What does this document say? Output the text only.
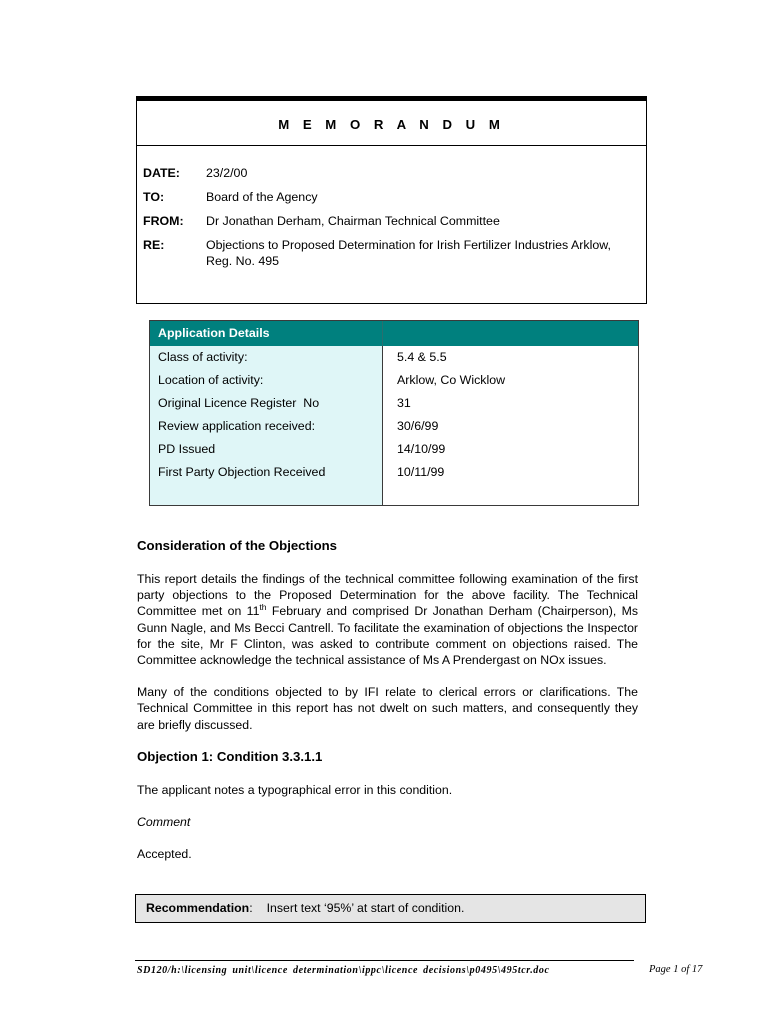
M E M O R A N D U M
DATE:	23/2/00
TO:	Board of the Agency
FROM:	Dr Jonathan Derham, Chairman Technical Committee
RE:	Objections to Proposed Determination for Irish Fertilizer Industries Arklow, Reg. No. 495
Application Details
Class of activity:	5.4 & 5.5
Location of activity:	Arklow, Co Wicklow
Original Licence Register  No	31
Review application received:	30/6/99
PD Issued	14/10/99
First Party Objection Received	10/11/99
Consideration of the Objections

This report details the findings of the technical committee following examination of the first party objections to the Proposed Determination for the above facility. The Technical Committee met on 11th February and comprised Dr Jonathan Derham (Chairperson), Ms Gunn Nagle, and Ms Becci Cantrell. To facilitate the examination of objections the Inspector for the site, Mr F Clinton, was asked to contribute comment on objections raised. The Committee acknowledge the technical assistance of Ms A Prendergast on NOx issues.

Many of the conditions objected to by IFI relate to clerical errors or clarifications. The Technical Committee in this report has not dwelt on such matters, and consequently they are briefly discussed.

Objection 1: Condition 3.3.1.1

The applicant notes a typographical error in this condition.

Comment

Accepted.

Recommendation: Insert text ‘95%’ at start of condition.
SD120/h:\licensing unit\licence determination\ippc\licence decisions\p0495\495tcr.doc	Page 1 of 17
